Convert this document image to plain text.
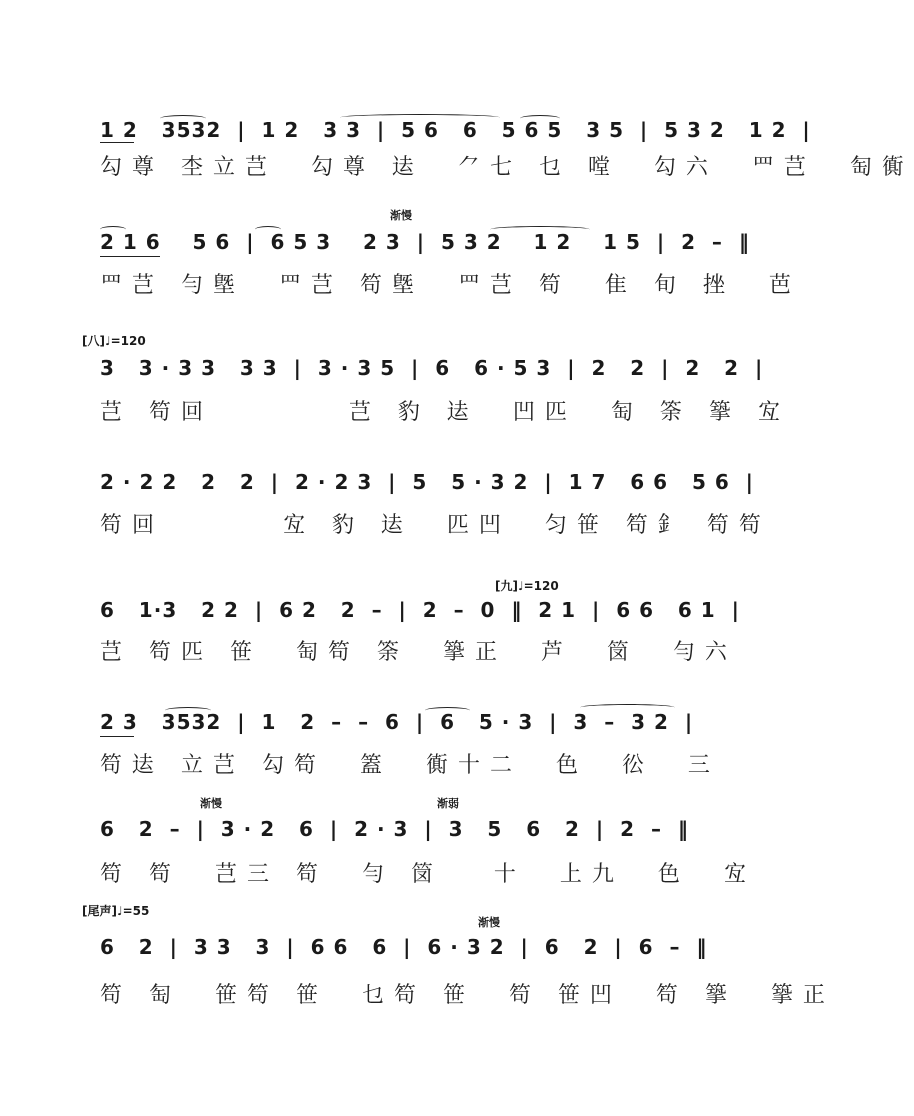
1 2   3532  |  1 2   3 3  |  5 6   6   5 6 5   3 5  |  5 3 2   1 2  |
勾尊 杢立芑  勾尊 迲  ⺈七 乜 嘡  勾六  罒芑  匋衠
渐慢
2 1 6    5 6  |  6 5 3    2 3  |  5 3 2    1 2    1 5  |  2  –  ‖
罒芑 勻墍  罒芑 笱墍  罒芑 笱  隹 旬 挫  芭
[八]♩=120
3   3 · 3 3   3 3  |  3 · 3 5  |  6   6 · 5 3  |  2   2  |  2   2  |
芑 笱回        芑 豹 迲  凹匹  匋 筡 篫 宐
2 · 2 2   2   2  |  2 · 2 3  |  5   5 · 3 2  |  1 7   6 6   5 6  |
笱回       宐 豹 迲  匹凹  匀笹 笱釒 笱笱
[九]♩=120
6   1·3   2 2  |  6 2   2  –  |  2  –  0  ‖  2 1  |  6 6   6 1  |
芑 笱匹 笹  匋笱 筡  篫正  芦  笝  勻六
2 3   3532  |  1   2  –  –  6  |  6   5 · 3  |  3  –  3 2  |
笱迲 立芑 勾笱  篕  衠十二  色  彸  三
渐慢	渐弱
6   2  –  |  3 · 2   6  |  2 · 3  |  3   5   6   2  |  2  –  ‖
笱 笱  芑三 笱  勻 笝   十  上九  色  宐
[尾声]♩=55
渐慢
6   2  |  3 3   3  |  6 6   6  |  6 · 3 2  |  6   2  |  6  –  ‖
笱 匋  笹笱 笹  乜笱 笹  笱 笹凹  笱 篫  篫正
